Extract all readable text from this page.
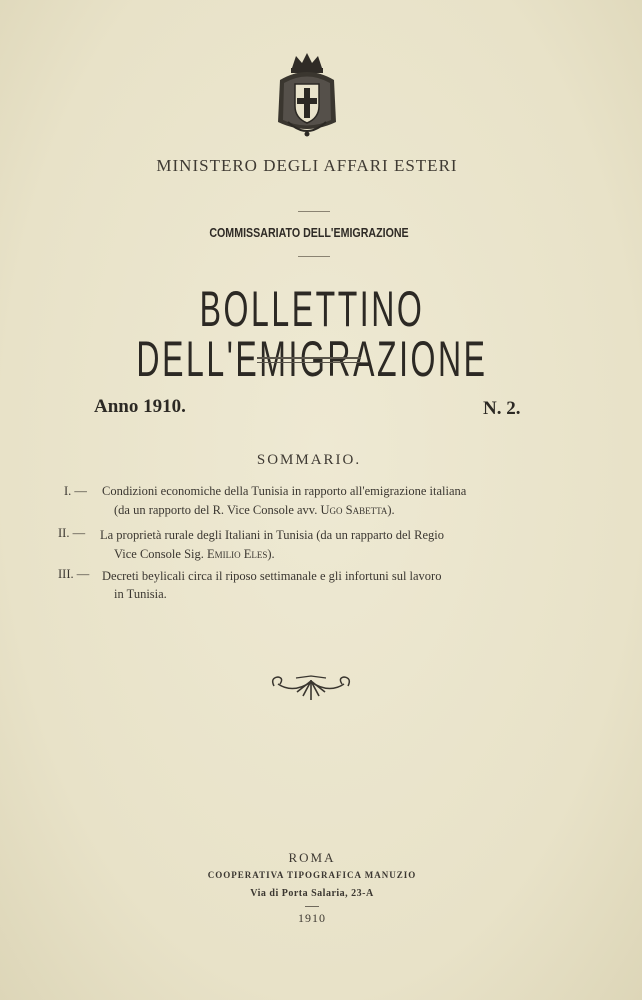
MINISTERO DEGLI AFFARI ESTERI
COMMISSARIATO DELL'EMIGRAZIONE
BOLLETTINO DELL'EMIGRAZIONE
Anno 1910.	N. 2.
SOMMARIO.
I. — Condizioni economiche della Tunisia in rapporto all'emigrazione italiana
(da un rapporto del R. Vice Console avv. Ugo Sabetta).
II. — La proprietà rurale degli Italiani in Tunisia (da un rapparto del Regio
Vice Console Sig. Emilio Eles).
III. — Decreti beylicali circa il riposo settimanale e gli infortuni sul lavoro
in Tunisia.
ROMA
COOPERATIVA TIPOGRAFICA MANUZIO
Via di Porta Salaria, 23-A
1910
